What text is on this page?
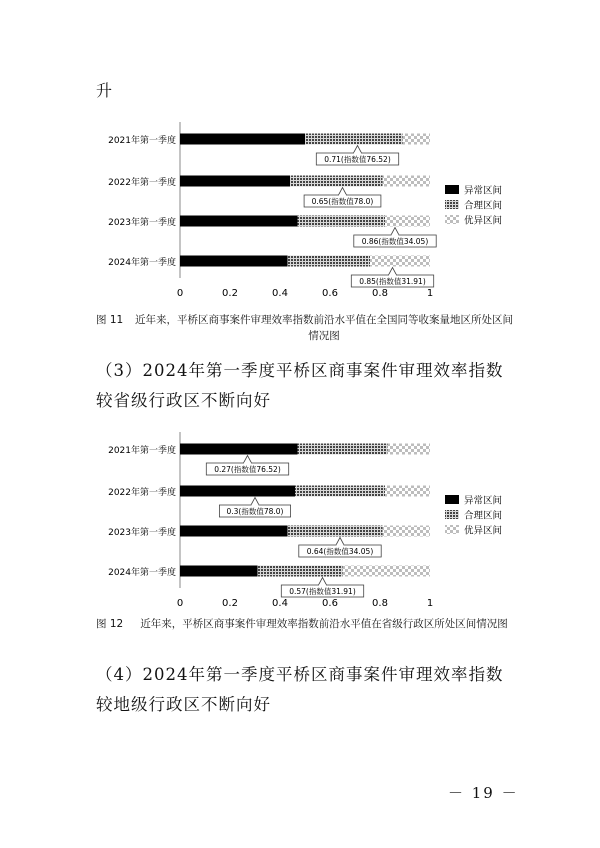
升
2021年第一季度
0.71(指数值76.52)
2022年第一季度
0.65(指数值78.0)
2023年第一季度
0.86(指数值34.05)
2024年第一季度
0.85(指数值31.91)
0	0.2	0.4	0.6	0.8	1
异常区间
合理区间
优异区间
图 11	近年来，平桥区商事案件审理效率指数前沿水平值在全国同等收案量地区所处区间情况图
（3）2024年第一季度平桥区商事案件审理效率指数较省级行政区不断向好
2021年第一季度
0.27(指数值76.52)
2022年第一季度
0.3(指数值78.0)
2023年第一季度
0.64(指数值34.05)
2024年第一季度
0.57(指数值31.91)
0	0.2	0.4	0.6	0.8	1
异常区间
合理区间
优异区间
图 12	近年来，平桥区商事案件审理效率指数前沿水平值在省级行政区所处区间情况图
（4）2024年第一季度平桥区商事案件审理效率指数较地级行政区不断向好
－ 19 －
